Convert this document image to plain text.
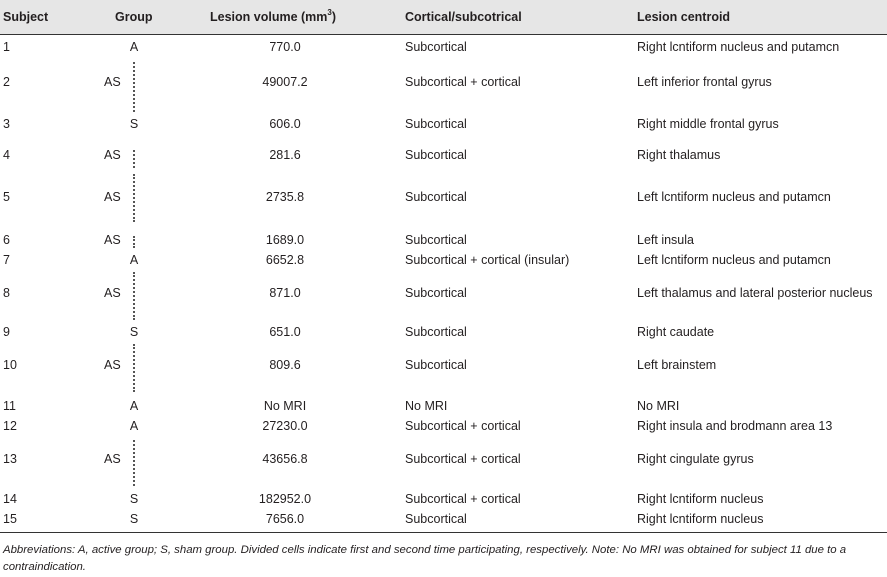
Subject	Group	Lesion volume $(mm^3)$	Cortical/subcotrical	Lesion centroid
1	A	770.0	Subcortical	Right lcntiform nucleus and putamcn
2	AS	49007.2	Subcortical + cortical	Left inferior frontal gyrus
3	S	606.0	Subcortical	Right middle frontal gyrus
4	AS	281.6	Subcortical	Right thalamus
5	AS	2735.8	Subcortical	Left lcntiform nucleus and putamcn
6	AS	1689.0	Subcortical	Left insula
7	A	6652.8	Subcortical + cortical (insular)	Left lcntiform nucleus and putamcn
8	AS	871.0	Subcortical	Left thalamus and lateral posterior nucleus
9	S	651.0	Subcortical	Right caudate
10	AS	809.6	Subcortical	Left brainstem
11	A	No MRI	No MRI	No MRI
12	A	27230.0	Subcortical + cortical	Right insula and brodmann area 13
13	AS	43656.8	Subcortical + cortical	Right cingulate gyrus
14	S	182952.0	Subcortical + cortical	Right lcntiform nucleus
15	S	7656.0	Subcortical	Right lcntiform nucleus
Abbreviations: A, active group; S, sham group. Divided cells indicate first and second time participating, respectively. Note: No MRI was obtained for subject 11 due to a contraindication.
